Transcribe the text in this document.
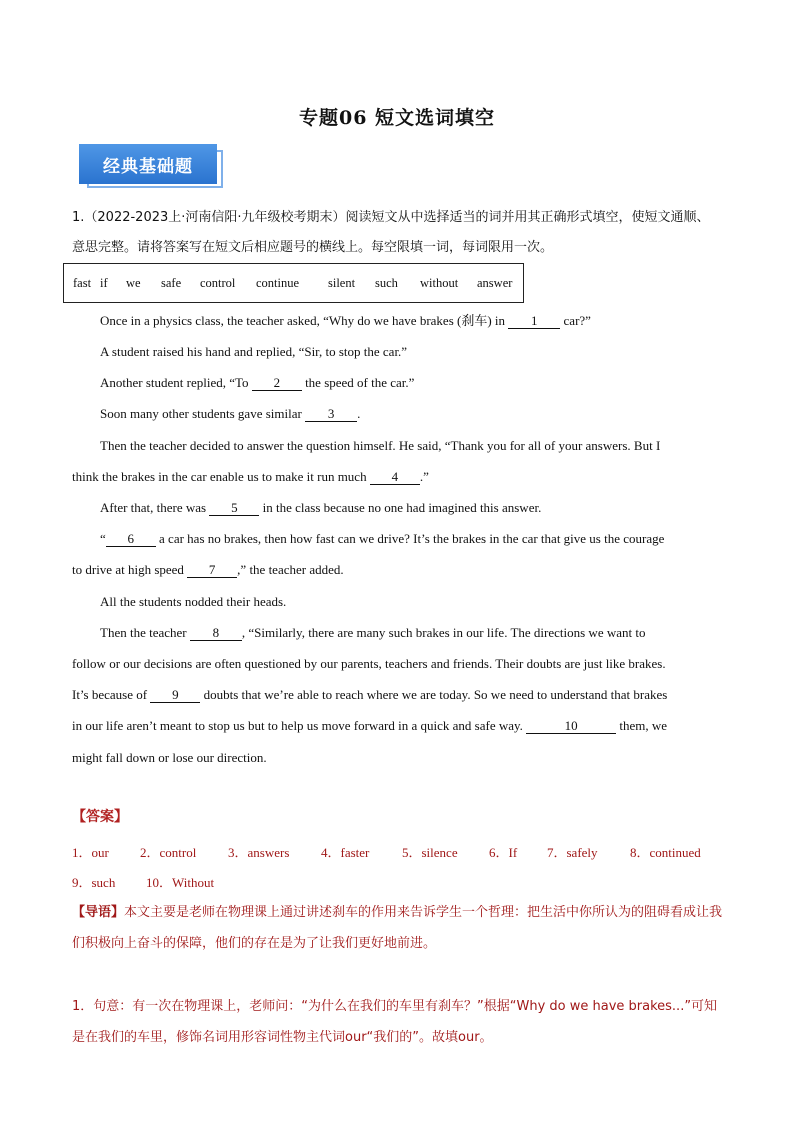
专题06 短文选词填空
经典基础题
1.（2022-2023上·河南信阳·九年级校考期末）阅读短文从中选择适当的词并用其正确形式填空，使短文通顺、意思完整。请将答案写在短文后相应题号的横线上。每空限填一词，每词限用一次。
fast if we safe control continue silent such without answer
Once in a physics class, the teacher asked, “Why do we have brakes (刹车) in 1 car?”
A student raised his hand and replied, “Sir, to stop the car.”
Another student replied, “To 2 the speed of the car.”
Soon many other students gave similar 3 .
Then the teacher decided to answer the question himself. He said, “Thank you for all of your answers. But I
think the brakes in the car enable us to make it run much 4 .”
After that, there was 5 in the class because no one had imagined this answer.
“ 6 a car has no brakes, then how fast can we drive? It’s the brakes in the car that give us the courage
to drive at high speed 7 ,” the teacher added.
All the students nodded their heads.
Then the teacher 8 , “Similarly, there are many such brakes in our life. The directions we want to
follow or our decisions are often questioned by our parents, teachers and friends. Their doubts are just like brakes.
It’s because of 9 doubts that we’re able to reach where we are today. So we need to understand that brakes
in our life aren’t meant to stop us but to help us move forward in a quick and safe way.	10	them, we
might fall down or lose our direction.
【答案】
1．our 2．control 3．answers 4．faster	5．silence 6．If 7．safely 8．continued
9．such 10．Without
【导语】本文主要是老师在物理课上通过讲述刹车的作用来告诉学生一个哲理：把生活中你所认为的阻碍看成让我们积极向上奋斗的保障，他们的存在是为了让我们更好地前进。
1．句意：有一次在物理课上，老师问：“为什么在我们的车里有刹车？”根据“Why do we have brakes...”可知是在我们的车里，修饰名词用形容词性物主代词our“我们的”。故填our。
